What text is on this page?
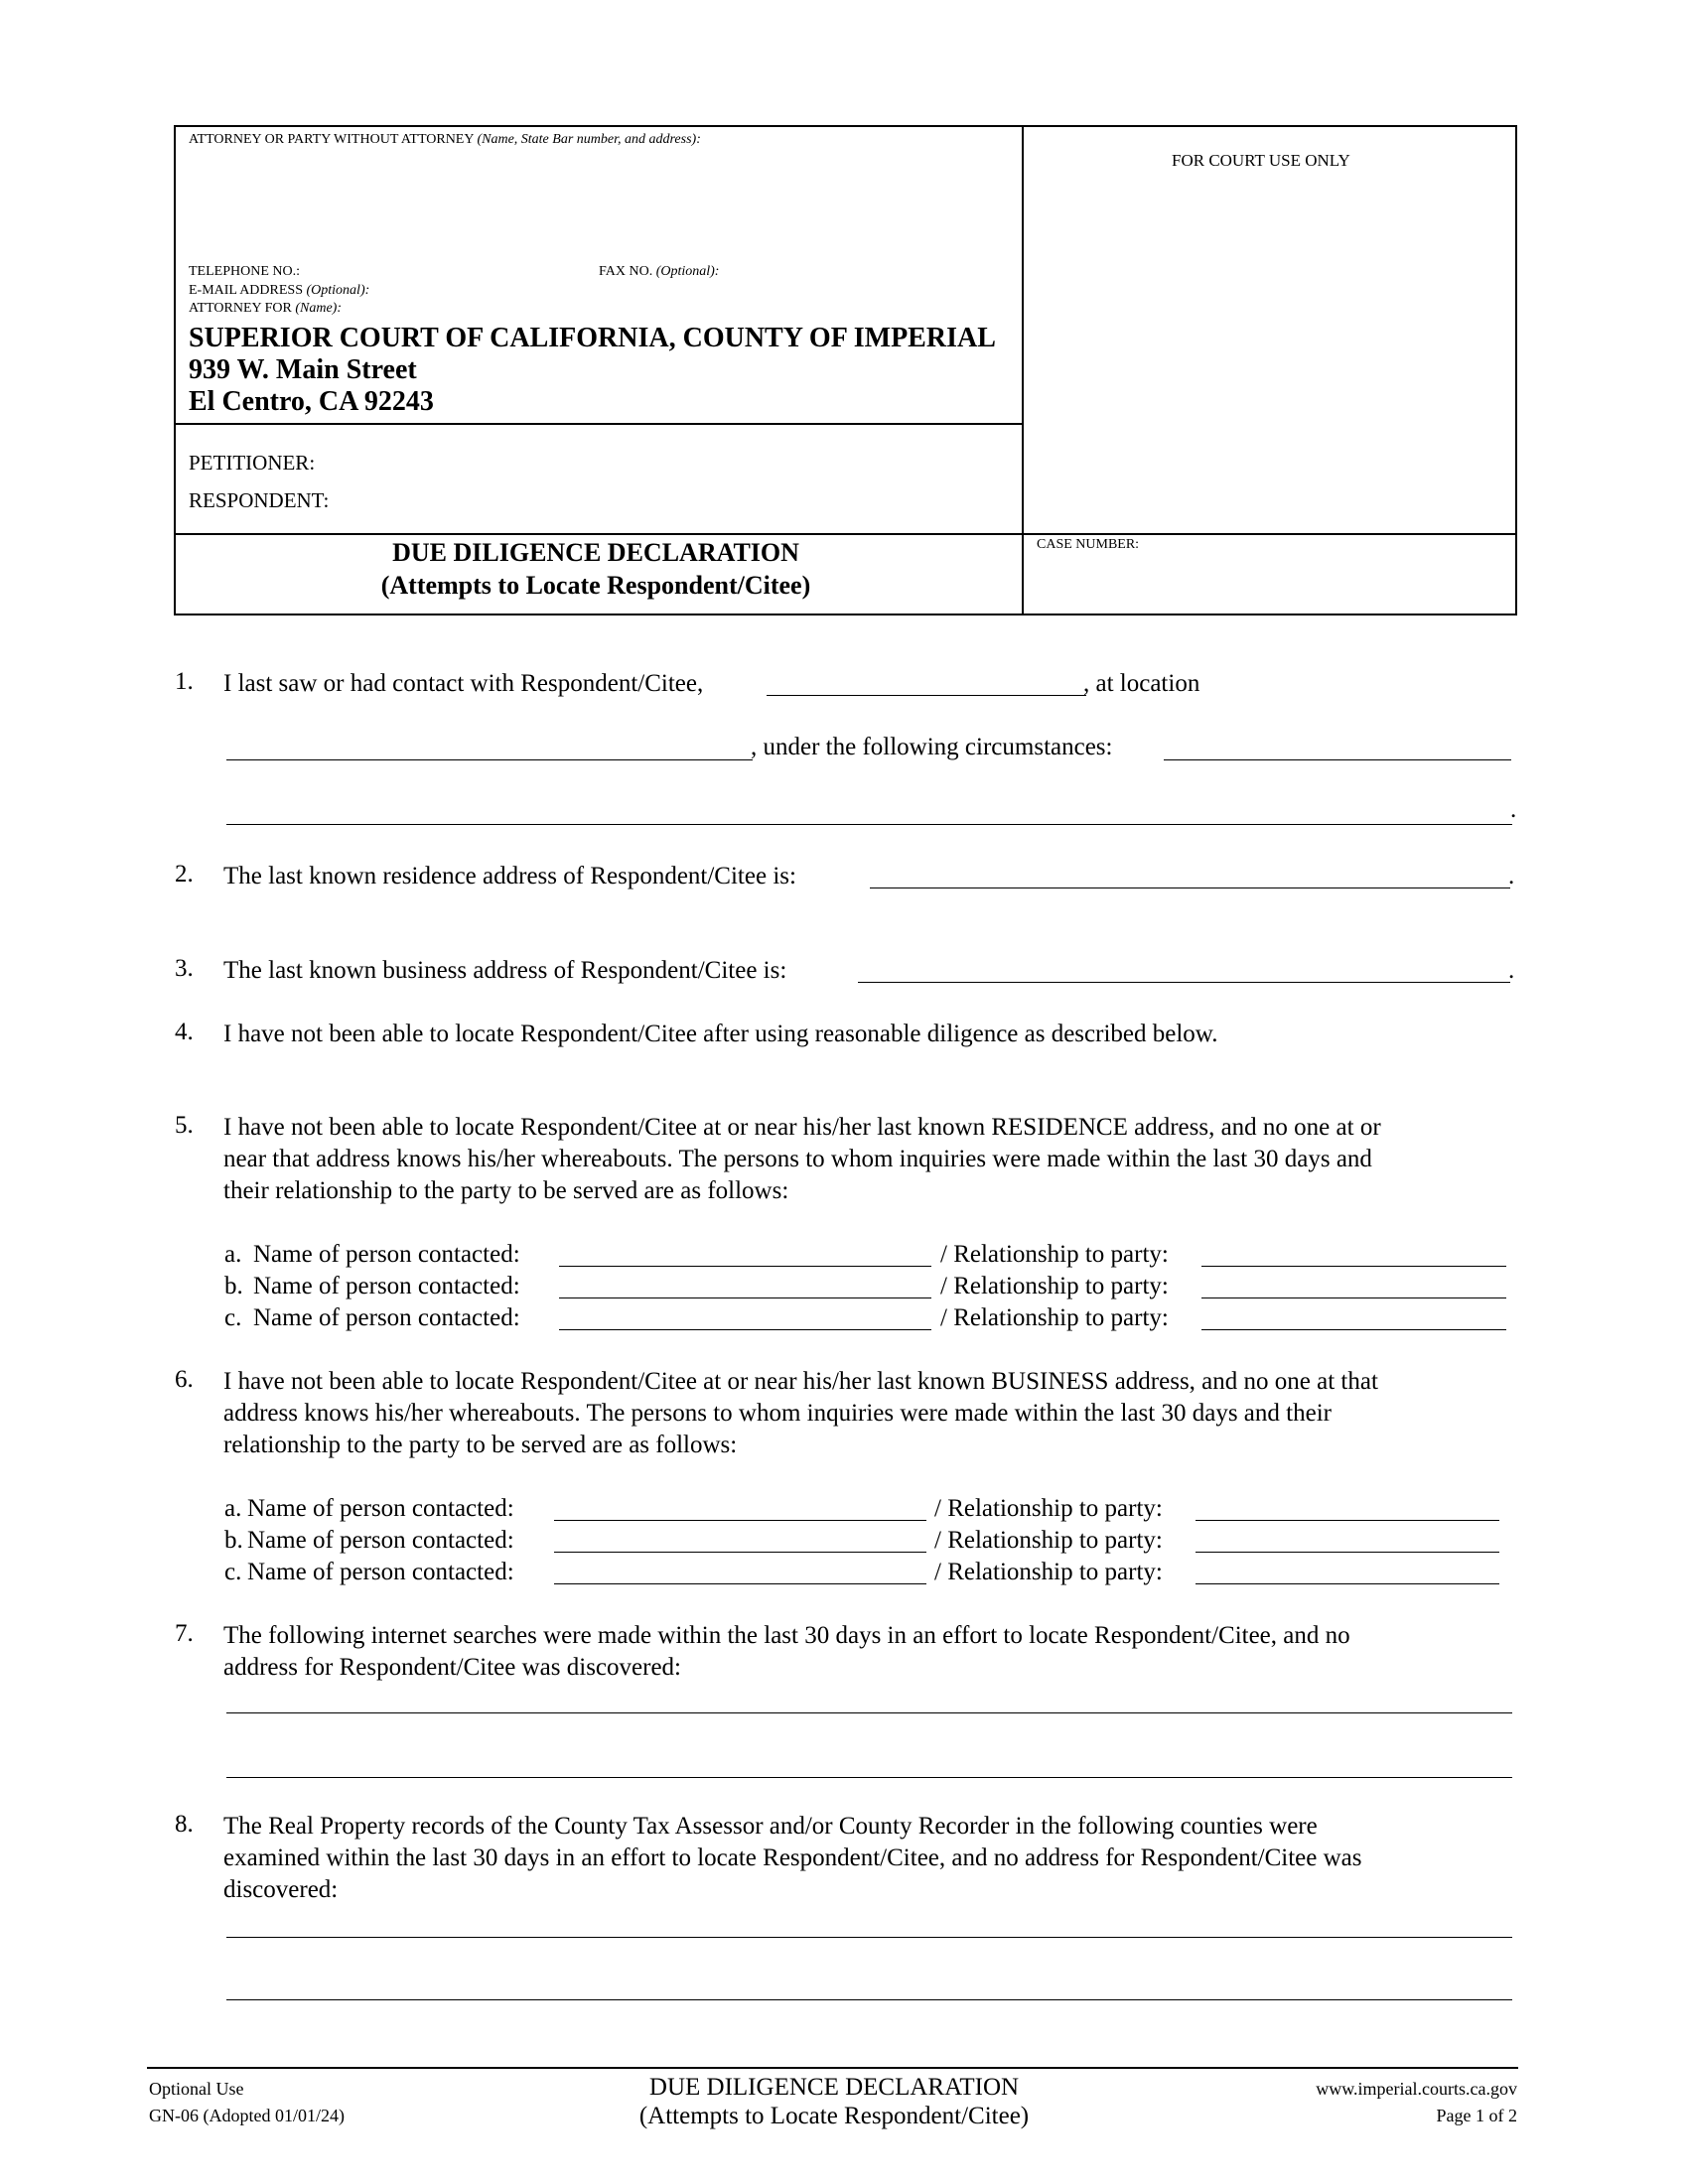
ATTORNEY OR PARTY WITHOUT ATTORNEY (Name, State Bar number, and address):
TELEPHONE NO.:	FAX NO. (Optional):
E-MAIL ADDRESS (Optional):
ATTORNEY FOR (Name):
FOR COURT USE ONLY
SUPERIOR COURT OF CALIFORNIA, COUNTY OF IMPERIAL
939 W. Main Street
El Centro, CA 92243
PETITIONER:
RESPONDENT:
DUE DILIGENCE DECLARATION
(Attempts to Locate Respondent/Citee)
CASE NUMBER:
1. I last saw or had contact with Respondent/Citee,	, at location
, under the following circumstances:
.
2. The last known residence address of Respondent/Citee is:	.
3. The last known business address of Respondent/Citee is:	.
4. I have not been able to locate Respondent/Citee after using reasonable diligence as described below.
5. I have not been able to locate Respondent/Citee at or near his/her last known RESIDENCE address, and no one at or
near that address knows his/her whereabouts. The persons to whom inquiries were made within the last 30 days and
their relationship to the party to be served are as follows:
a. Name of person contacted:	/ Relationship to party:
b. Name of person contacted:	/ Relationship to party:
c. Name of person contacted:	/ Relationship to party:
6. I have not been able to locate Respondent/Citee at or near his/her last known BUSINESS address, and no one at that
address knows his/her whereabouts. The persons to whom inquiries were made within the last 30 days and their
relationship to the party to be served are as follows:
a. Name of person contacted:	/ Relationship to party:
b. Name of person contacted:	/ Relationship to party:
c. Name of person contacted:	/ Relationship to party:
7. The following internet searches were made within the last 30 days in an effort to locate Respondent/Citee, and no
address for Respondent/Citee was discovered:
8. The Real Property records of the County Tax Assessor and/or County Recorder in the following counties were
examined within the last 30 days in an effort to locate Respondent/Citee, and no address for Respondent/Citee was
discovered:
Optional Use
GN-06 (Adopted 01/01/24)
DUE DILIGENCE DECLARATION
(Attempts to Locate Respondent/Citee)
www.imperial.courts.ca.gov
Page 1 of 2
